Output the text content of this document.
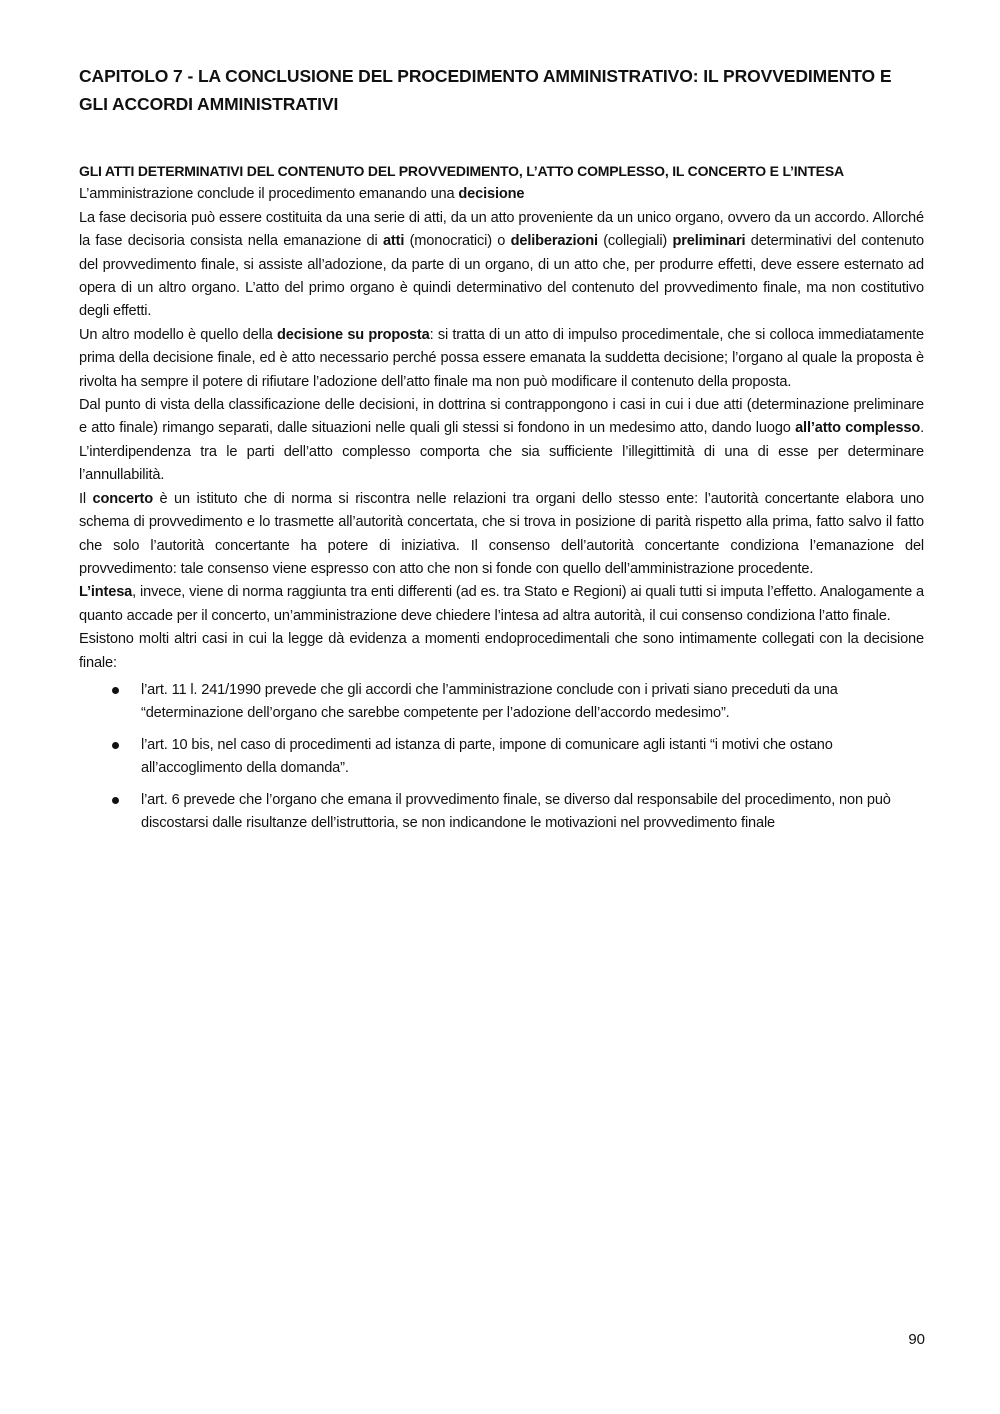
CAPITOLO 7 - LA CONCLUSIONE DEL PROCEDIMENTO AMMINISTRATIVO: IL PROVVEDIMENTO E GLI ACCORDI AMMINISTRATIVI
GLI ATTI DETERMINATIVI DEL CONTENUTO DEL PROVVEDIMENTO, L’ATTO COMPLESSO, IL CONCERTO E L’INTESA

L’amministrazione conclude il procedimento emanando una decisione

La fase decisoria può essere costituita da una serie di atti, da un atto proveniente da un unico organo, ovvero da un accordo. Allorché la fase decisoria consista nella emanazione di atti (monocratici) o deliberazioni (collegiali) preliminari determinativi del contenuto del provvedimento finale, si assiste all’adozione, da parte di un organo, di un atto che, per produrre effetti, deve essere esternato ad opera di un altro organo. L’atto del primo organo è quindi determinativo del contenuto del provvedimento finale, ma non costitutivo degli effetti.

Un altro modello è quello della decisione su proposta: si tratta di un atto di impulso procedimentale, che si colloca immediatamente prima della decisione finale, ed è atto necessario perché possa essere emanata la suddetta decisione; l’organo al quale la proposta è rivolta ha sempre il potere di rifiutare l’adozione dell’atto finale ma non può modificare il contenuto della proposta.

Dal punto di vista della classificazione delle decisioni, in dottrina si contrappongono i casi in cui i due atti (determinazione preliminare e atto finale) rimango separati, dalle situazioni nelle quali gli stessi si fondono in un medesimo atto, dando luogo all’atto complesso. L’interdipendenza tra le parti dell’atto complesso comporta che sia sufficiente l’illegittimità di una di esse per determinare l’annullabilità.

Il concerto è un istituto che di norma si riscontra nelle relazioni tra organi dello stesso ente: l’autorità concertante elabora uno schema di provvedimento e lo trasmette all’autorità concertata, che si trova in posizione di parità rispetto alla prima, fatto salvo il fatto che solo l’autorità concertante ha potere di iniziativa. Il consenso dell’autorità concertante condiziona l’emanazione del provvedimento: tale consenso viene espresso con atto che non si fonde con quello dell’amministrazione procedente.

L’intesa, invece, viene di norma raggiunta tra enti differenti (ad es. tra Stato e Regioni) ai quali tutti si imputa l’effetto. Analogamente a quanto accade per il concerto, un’amministrazione deve chiedere l’intesa ad altra autorità, il cui consenso condiziona l’atto finale.

Esistono molti altri casi in cui la legge dà evidenza a momenti endoprocedimentali che sono intimamente collegati con la decisione finale:

l’art. 11 l. 241/1990 prevede che gli accordi che l’amministrazione conclude con i privati siano preceduti da una “determinazione dell’organo che sarebbe competente per l’adozione dell’accordo medesimo”.
l’art. 10 bis, nel caso di procedimenti ad istanza di parte, impone di comunicare agli istanti “i motivi che ostano all’accoglimento della domanda”.
l’art. 6 prevede che l’organo che emana il provvedimento finale, se diverso dal responsabile del procedimento, non può discostarsi dalle risultanze dell’istruttoria, se non indicandone le motivazioni nel provvedimento finale
90
